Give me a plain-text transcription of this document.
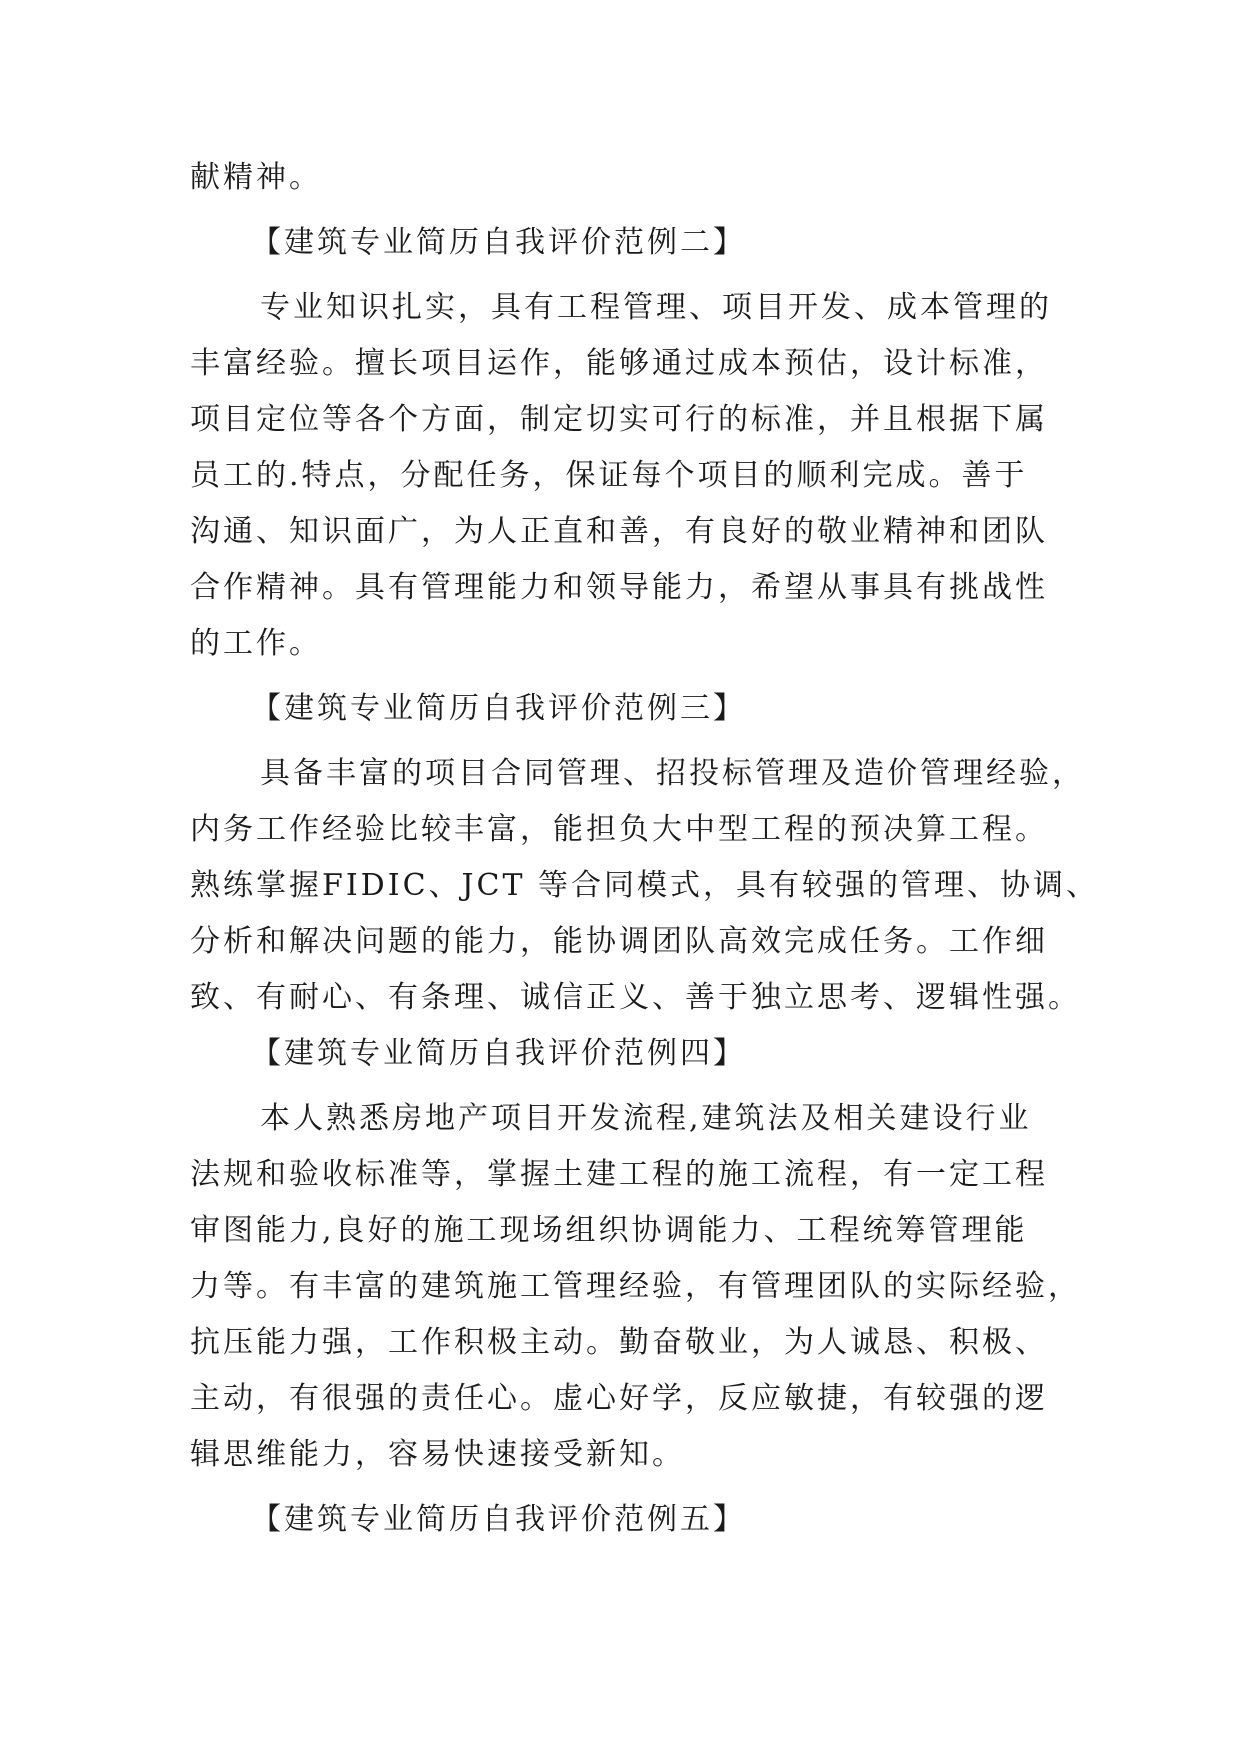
献精神。
【建筑专业简历自我评价范例二】
专业知识扎实，具有工程管理、项目开发、成本管理的
丰富经验。擅长项目运作，能够通过成本预估，设计标准，
项目定位等各个方面，制定切实可行的标准，并且根据下属
员工的.特点，分配任务，保证每个项目的顺利完成。善于
沟通、知识面广，为人正直和善，有良好的敬业精神和团队
合作精神。具有管理能力和领导能力，希望从事具有挑战性
的工作。
【建筑专业简历自我评价范例三】
具备丰富的项目合同管理、招投标管理及造价管理经验，
内务工作经验比较丰富，能担负大中型工程的预决算工程。
熟练掌握FIDIC、JCT 等合同模式，具有较强的管理、协调、
分析和解决问题的能力，能协调团队高效完成任务。工作细
致、有耐心、有条理、诚信正义、善于独立思考、逻辑性强。
【建筑专业简历自我评价范例四】
本人熟悉房地产项目开发流程,建筑法及相关建设行业
法规和验收标准等，掌握土建工程的施工流程，有一定工程
审图能力,良好的施工现场组织协调能力、工程统筹管理能
力等。有丰富的建筑施工管理经验，有管理团队的实际经验，
抗压能力强，工作积极主动。勤奋敬业，为人诚恳、积极、
主动，有很强的责任心。虚心好学，反应敏捷，有较强的逻
辑思维能力，容易快速接受新知。
【建筑专业简历自我评价范例五】
